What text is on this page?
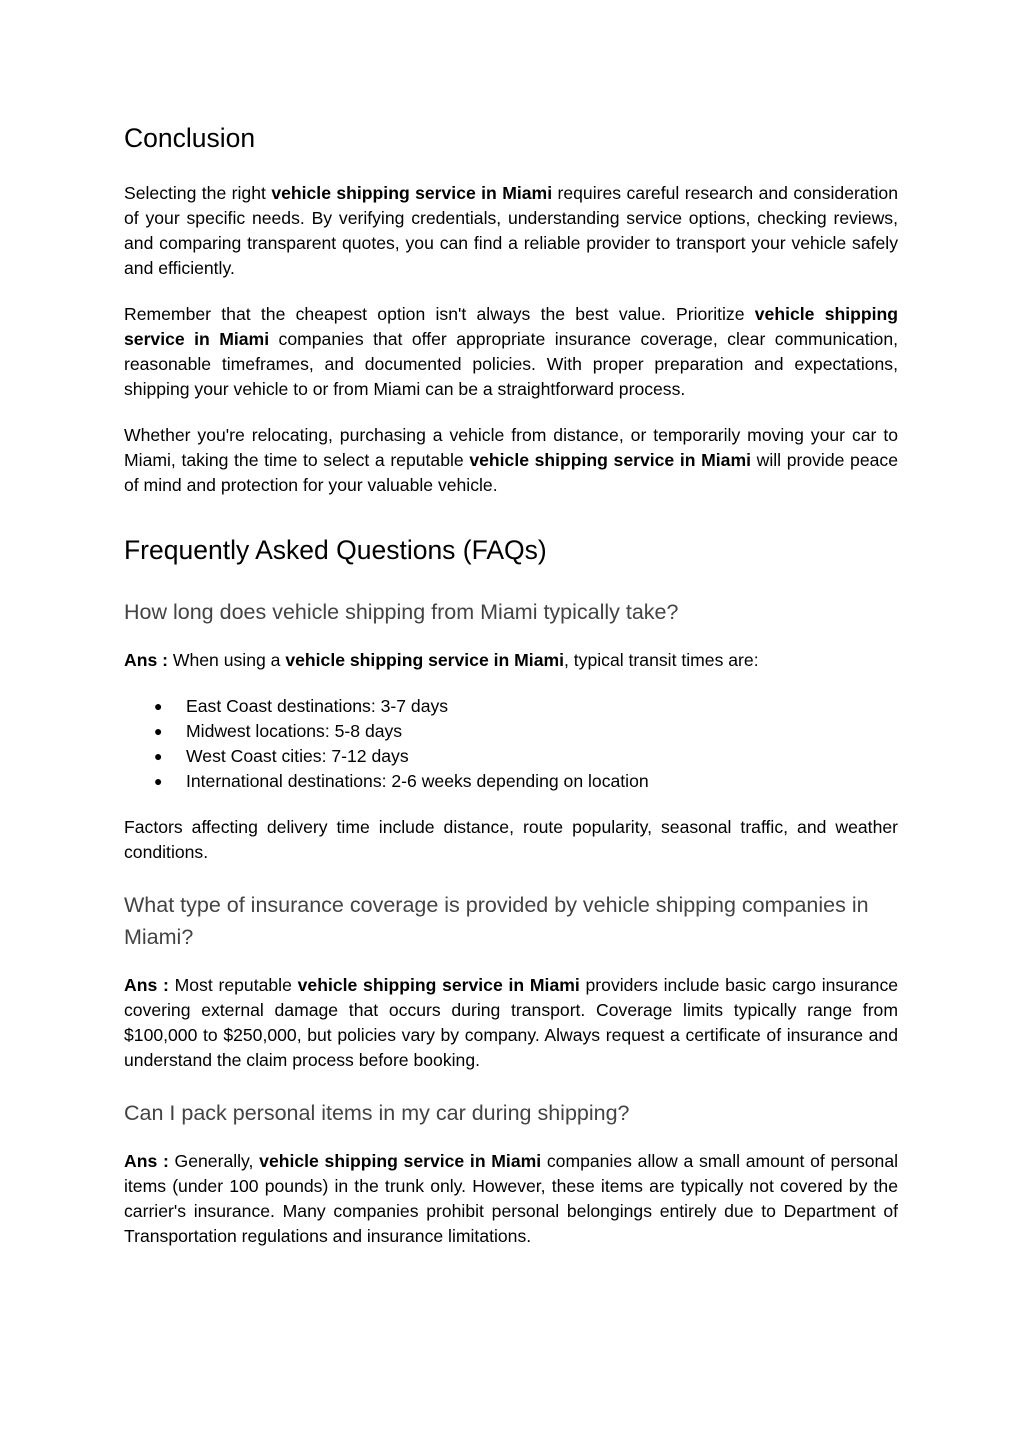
Conclusion

Selecting the right vehicle shipping service in Miami requires careful research and consideration of your specific needs. By verifying credentials, understanding service options, checking reviews, and comparing transparent quotes, you can find a reliable provider to transport your vehicle safely and efficiently.

Remember that the cheapest option isn't always the best value. Prioritize vehicle shipping service in Miami companies that offer appropriate insurance coverage, clear communication, reasonable timeframes, and documented policies. With proper preparation and expectations, shipping your vehicle to or from Miami can be a straightforward process.

Whether you're relocating, purchasing a vehicle from distance, or temporarily moving your car to Miami, taking the time to select a reputable vehicle shipping service in Miami will provide peace of mind and protection for your valuable vehicle.

Frequently Asked Questions (FAQs)
How long does vehicle shipping from Miami typically take?

Ans : When using a vehicle shipping service in Miami, typical transit times are:

● East Coast destinations: 3-7 days
● Midwest locations: 5-8 days
● West Coast cities: 7-12 days
● International destinations: 2-6 weeks depending on location

Factors affecting delivery time include distance, route popularity, seasonal traffic, and weather conditions.

What type of insurance coverage is provided by vehicle shipping companies in Miami?

Ans : Most reputable vehicle shipping service in Miami providers include basic cargo insurance covering external damage that occurs during transport. Coverage limits typically range from $100,000 to $250,000, but policies vary by company. Always request a certificate of insurance and understand the claim process before booking.

Can I pack personal items in my car during shipping?

Ans : Generally, vehicle shipping service in Miami companies allow a small amount of personal items (under 100 pounds) in the trunk only. However, these items are typically not covered by the carrier's insurance. Many companies prohibit personal belongings entirely due to Department of Transportation regulations and insurance limitations.
